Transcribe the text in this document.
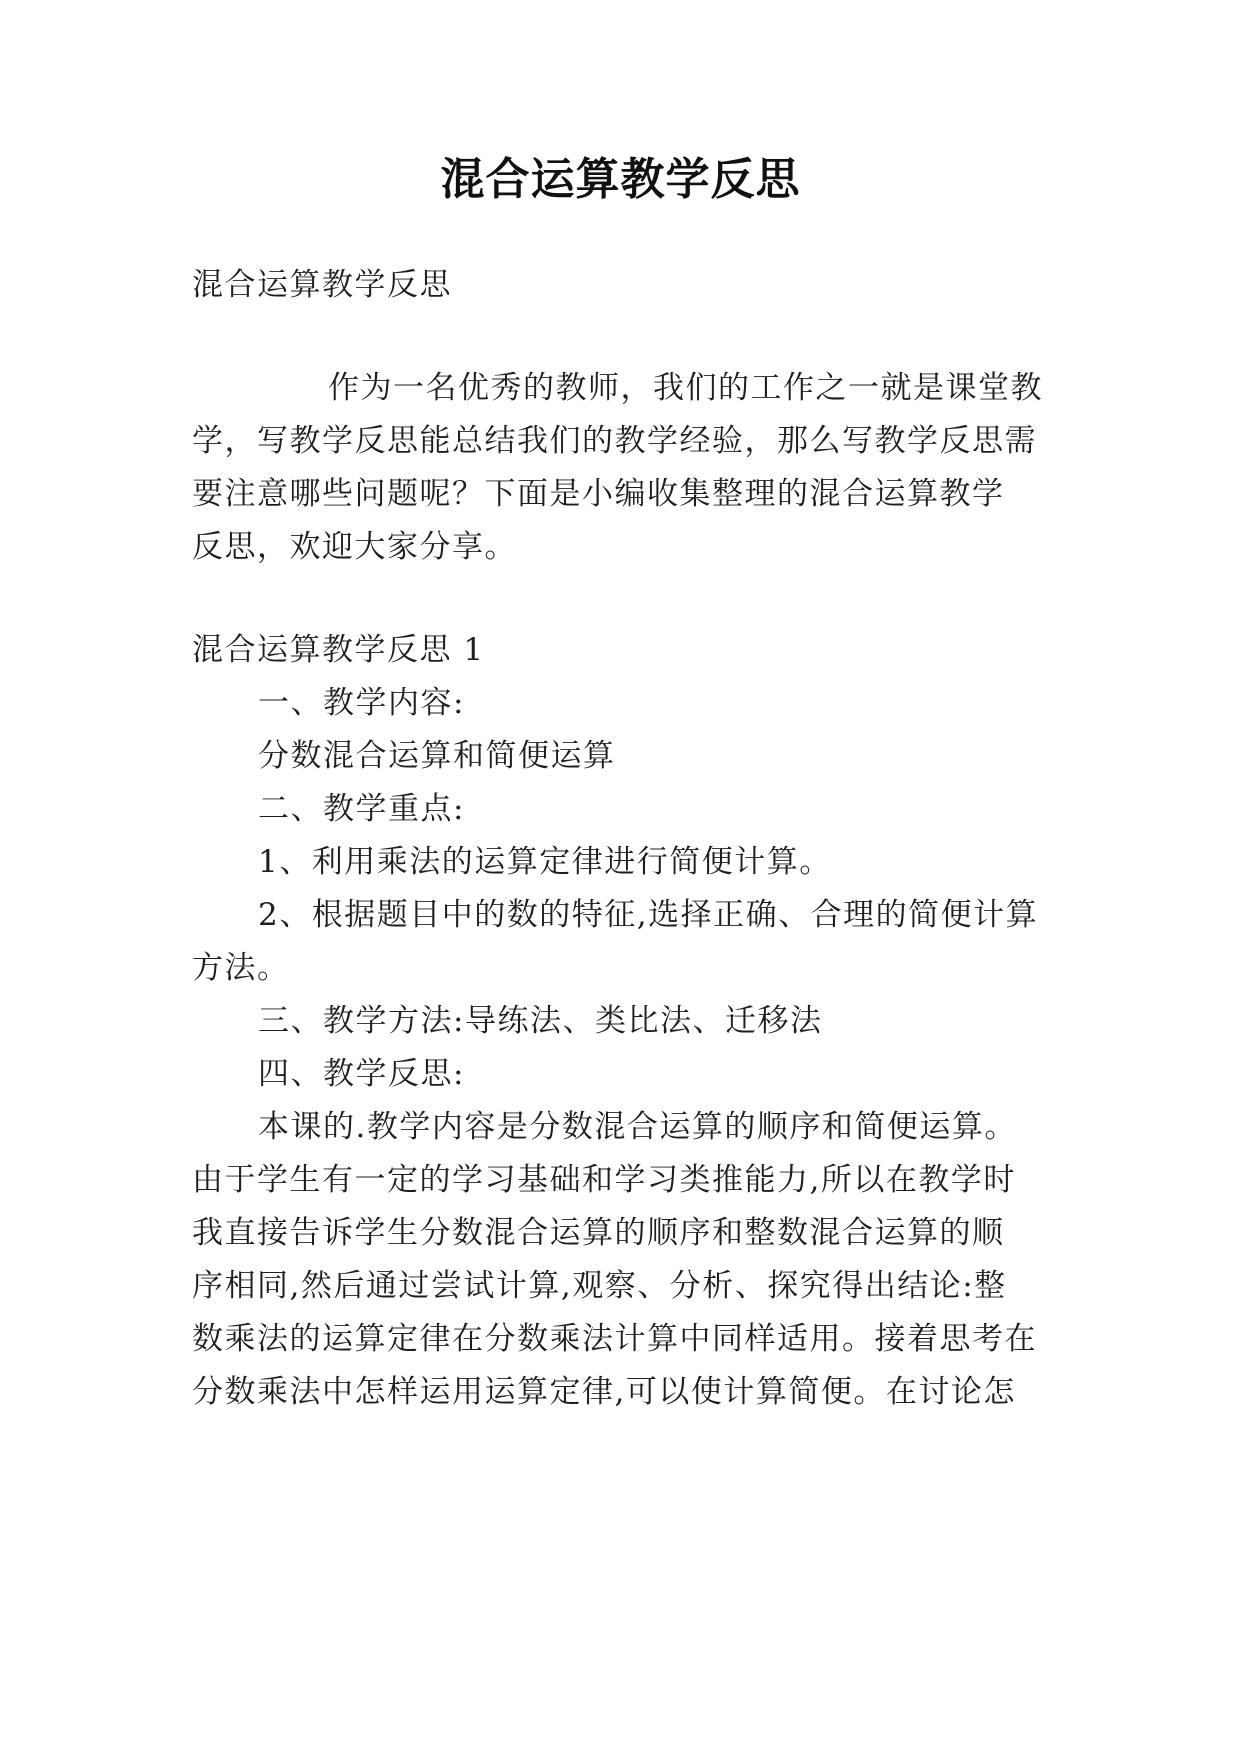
混合运算教学反思
混合运算教学反思
作为一名优秀的教师，我们的工作之一就是课堂教
学，写教学反思能总结我们的教学经验，那么写教学反思需
要注意哪些问题呢？下面是小编收集整理的混合运算教学
反思，欢迎大家分享。
混合运算教学反思 1
一、教学内容:
分数混合运算和简便运算
二、教学重点:
1、利用乘法的运算定律进行简便计算。
2、根据题目中的数的特征,选择正确、合理的简便计算
方法。
三、教学方法:导练法、类比法、迁移法
四、教学反思:
本课的.教学内容是分数混合运算的顺序和简便运算。
由于学生有一定的学习基础和学习类推能力,所以在教学时
我直接告诉学生分数混合运算的顺序和整数混合运算的顺
序相同,然后通过尝试计算,观察、分析、探究得出结论:整
数乘法的运算定律在分数乘法计算中同样适用。接着思考在
分数乘法中怎样运用运算定律,可以使计算简便。在讨论怎
